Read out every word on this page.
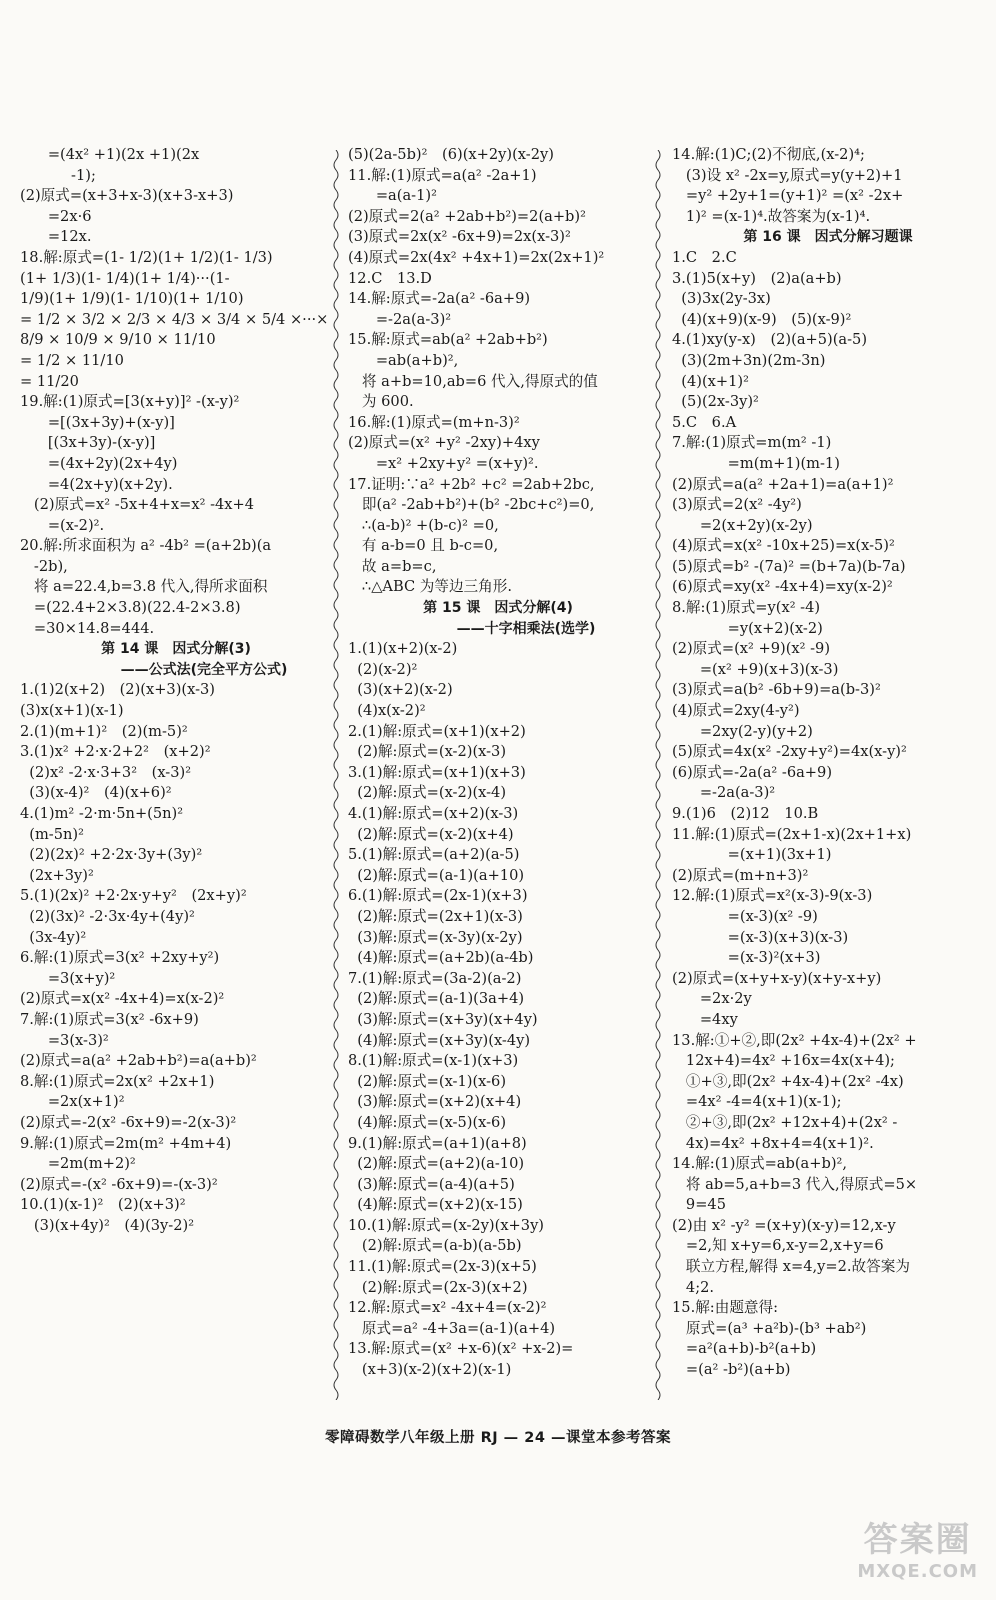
=(4x² +1)(2x +1)(2x
-1);
(2)原式=(x+3+x-3)(x+3-x+3)
=2x·6
=12x.
18.解:原式=(1- 1/2)(1+ 1/2)(1- 1/3)
(1+ 1/3)(1- 1/4)(1+ 1/4)···(1-
1/9)(1+ 1/9)(1- 1/10)(1+ 1/10)
= 1/2 × 3/2 × 2/3 × 4/3 × 3/4 × 5/4 ×···×
8/9 × 10/9 × 9/10 × 11/10
= 1/2 × 11/10
= 11/20
19.解:(1)原式=[3(x+y)]² -(x-y)²
=[(3x+3y)+(x-y)]
[(3x+3y)-(x-y)]
=(4x+2y)(2x+4y)
=4(2x+y)(x+2y).
(2)原式=x² -5x+4+x=x² -4x+4
=(x-2)².
20.解:所求面积为 a² -4b² =(a+2b)(a
-2b),
将 a=22.4,b=3.8 代入,得所求面积
=(22.4+2×3.8)(22.4-2×3.8)
=30×14.8=444.
第 14 课　因式分解(3)
　　　　——公式法(完全平方公式)
1.(1)2(x+2)　(2)(x+3)(x-3)
(3)x(x+1)(x-1)
2.(1)(m+1)²　(2)(m-5)²
3.(1)x² +2·x·2+2²　(x+2)²
(2)x² -2·x·3+3²　(x-3)²
(3)(x-4)²　(4)(x+6)²
4.(1)m² -2·m·5n+(5n)²
(m-5n)²
(2)(2x)² +2·2x·3y+(3y)²
(2x+3y)²
5.(1)(2x)² +2·2x·y+y²　(2x+y)²
(2)(3x)² -2·3x·4y+(4y)²
(3x-4y)²
6.解:(1)原式=3(x² +2xy+y²)
=3(x+y)²
(2)原式=x(x² -4x+4)=x(x-2)²
7.解:(1)原式=3(x² -6x+9)
=3(x-3)²
(2)原式=a(a² +2ab+b²)=a(a+b)²
8.解:(1)原式=2x(x² +2x+1)
=2x(x+1)²
(2)原式=-2(x² -6x+9)=-2(x-3)²
9.解:(1)原式=2m(m² +4m+4)
=2m(m+2)²
(2)原式=-(x² -6x+9)=-(x-3)²
10.(1)(x-1)²　(2)(x+3)²
(3)(x+4y)²　(4)(3y-2)²
(5)(2a-5b)²　(6)(x+2y)(x-2y)
11.解:(1)原式=a(a² -2a+1)
=a(a-1)²
(2)原式=2(a² +2ab+b²)=2(a+b)²
(3)原式=2x(x² -6x+9)=2x(x-3)²
(4)原式=2x(4x² +4x+1)=2x(2x+1)²
12.C　13.D
14.解:原式=-2a(a² -6a+9)
=-2a(a-3)²
15.解:原式=ab(a² +2ab+b²)
=ab(a+b)²,
将 a+b=10,ab=6 代入,得原式的值
为 600.
16.解:(1)原式=(m+n-3)²
(2)原式=(x² +y² -2xy)+4xy
=x² +2xy+y² =(x+y)².
17.证明:∵a² +2b² +c² =2ab+2bc,
即(a² -2ab+b²)+(b² -2bc+c²)=0,
∴(a-b)² +(b-c)² =0,
有 a-b=0 且 b-c=0,
故 a=b=c,
∴△ABC 为等边三角形.
第 15 课　因式分解(4)
　　　　——十字相乘法(选学)
1.(1)(x+2)(x-2)
(2)(x-2)²
(3)(x+2)(x-2)
(4)x(x-2)²
2.(1)解:原式=(x+1)(x+2)
(2)解:原式=(x-2)(x-3)
3.(1)解:原式=(x+1)(x+3)
(2)解:原式=(x-2)(x-4)
4.(1)解:原式=(x+2)(x-3)
(2)解:原式=(x-2)(x+4)
5.(1)解:原式=(a+2)(a-5)
(2)解:原式=(a-1)(a+10)
6.(1)解:原式=(2x-1)(x+3)
(2)解:原式=(2x+1)(x-3)
(3)解:原式=(x-3y)(x-2y)
(4)解:原式=(a+2b)(a-4b)
7.(1)解:原式=(3a-2)(a-2)
(2)解:原式=(a-1)(3a+4)
(3)解:原式=(x+3y)(x+4y)
(4)解:原式=(x+3y)(x-4y)
8.(1)解:原式=(x-1)(x+3)
(2)解:原式=(x-1)(x-6)
(3)解:原式=(x+2)(x+4)
(4)解:原式=(x-5)(x-6)
9.(1)解:原式=(a+1)(a+8)
(2)解:原式=(a+2)(a-10)
(3)解:原式=(a-4)(a+5)
(4)解:原式=(x+2)(x-15)
10.(1)解:原式=(x-2y)(x+3y)
(2)解:原式=(a-b)(a-5b)
11.(1)解:原式=(2x-3)(x+5)
(2)解:原式=(2x-3)(x+2)
12.解:原式=x² -4x+4=(x-2)²
原式=a² -4+3a=(a-1)(a+4)
13.解:原式=(x² +x-6)(x² +x-2)=
(x+3)(x-2)(x+2)(x-1)
14.解:(1)C;(2)不彻底,(x-2)⁴;
(3)设 x² -2x=y,原式=y(y+2)+1
=y² +2y+1=(y+1)² =(x² -2x+
1)² =(x-1)⁴.故答案为(x-1)⁴.
第 16 课　因式分解习题课
1.C　2.C
3.(1)5(x+y)　(2)a(a+b)
(3)3x(2y-3x)
(4)(x+9)(x-9)　(5)(x-9)²
4.(1)xy(y-x)　(2)(a+5)(a-5)
(3)(2m+3n)(2m-3n)
(4)(x+1)²
(5)(2x-3y)²
5.C　6.A
7.解:(1)原式=m(m² -1)
=m(m+1)(m-1)
(2)原式=a(a² +2a+1)=a(a+1)²
(3)原式=2(x² -4y²)
=2(x+2y)(x-2y)
(4)原式=x(x² -10x+25)=x(x-5)²
(5)原式=b² -(7a)² =(b+7a)(b-7a)
(6)原式=xy(x² -4x+4)=xy(x-2)²
8.解:(1)原式=y(x² -4)
=y(x+2)(x-2)
(2)原式=(x² +9)(x² -9)
=(x² +9)(x+3)(x-3)
(3)原式=a(b² -6b+9)=a(b-3)²
(4)原式=2xy(4-y²)
=2xy(2-y)(y+2)
(5)原式=4x(x² -2xy+y²)=4x(x-y)²
(6)原式=-2a(a² -6a+9)
=-2a(a-3)²
9.(1)6　(2)12　10.B
11.解:(1)原式=(2x+1-x)(2x+1+x)
=(x+1)(3x+1)
(2)原式=(m+n+3)²
12.解:(1)原式=x²(x-3)-9(x-3)
=(x-3)(x² -9)
=(x-3)(x+3)(x-3)
=(x-3)²(x+3)
(2)原式=(x+y+x-y)(x+y-x+y)
=2x·2y
=4xy
13.解:①+②,即(2x² +4x-4)+(2x² +
12x+4)=4x² +16x=4x(x+4);
①+③,即(2x² +4x-4)+(2x² -4x)
=4x² -4=4(x+1)(x-1);
②+③,即(2x² +12x+4)+(2x² -
4x)=4x² +8x+4=4(x+1)².
14.解:(1)原式=ab(a+b)²,
将 ab=5,a+b=3 代入,得原式=5×
9=45
(2)由 x² -y² =(x+y)(x-y)=12,x-y
=2,知 x+y=6,x-y=2,x+y=6
联立方程,解得 x=4,y=2.故答案为
4;2.
15.解:由题意得:
原式=(a³ +a²b)-(b³ +ab²)
=a²(a+b)-b²(a+b)
=(a² -b²)(a+b)
零障碍数学八年级上册 RJ — 24 —课堂本参考答案
答案圈
MXQE.COM
